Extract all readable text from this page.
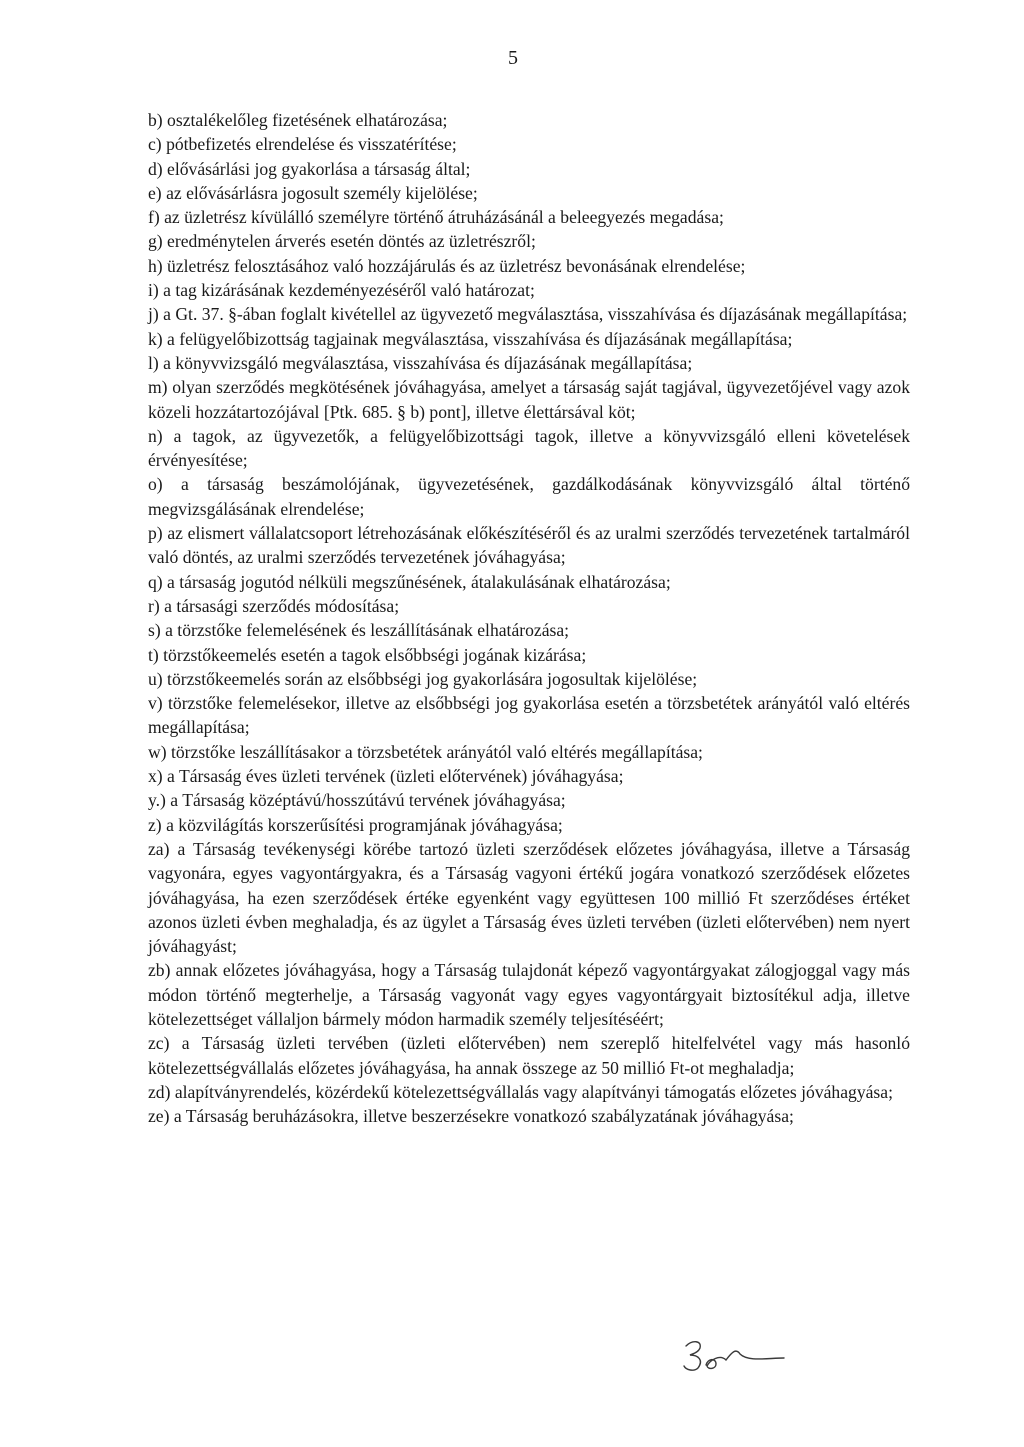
5

b) osztalékelőleg fizetésének elhatározása;

c) pótbefizetés elrendelése és visszatérítése;

d) elővásárlási jog gyakorlása a társaság által;

e) az elővásárlásra jogosult személy kijelölése;

f) az üzletrész kívülálló személyre történő átruházásánál a beleegyezés megadása;

g) eredménytelen árverés esetén döntés az üzletrészről;

h) üzletrész felosztásához való hozzájárulás és az üzletrész bevonásának elrendelése;

i) a tag kizárásának kezdeményezéséről való határozat;

j) a Gt. 37. §-ában foglalt kivétellel az ügyvezető megválasztása, visszahívása és díjazásának megállapítása;

k) a felügyelőbizottság tagjainak megválasztása, visszahívása és díjazásának megállapítása;

l) a könyvvizsgáló megválasztása, visszahívása és díjazásának megállapítása;

m) olyan szerződés megkötésének jóváhagyása, amelyet a társaság saját tagjával, ügyvezetőjével vagy azok közeli hozzátartozójával [Ptk. 685. § b) pont], illetve élettársával köt;

n) a tagok, az ügyvezetők, a felügyelőbizottsági tagok, illetve a könyvvizsgáló elleni követelések érvényesítése;

o) a társaság beszámolójának, ügyvezetésének, gazdálkodásának könyvvizsgáló által történő megvizsgálásának elrendelése;

p) az elismert vállalatcsoport létrehozásának előkészítéséről és az uralmi szerződés tervezetének tartalmáról való döntés, az uralmi szerződés tervezetének jóváhagyása;

q) a társaság jogutód nélküli megszűnésének, átalakulásának elhatározása;

r) a társasági szerződés módosítása;

s) a törzstőke felemelésének és leszállításának elhatározása;

t) törzstőkeemelés esetén a tagok elsőbbségi jogának kizárása;

u) törzstőkeemelés során az elsőbbségi jog gyakorlására jogosultak kijelölése;

v) törzstőke felemelésekor, illetve az elsőbbségi jog gyakorlása esetén a törzsbetétek arányától való eltérés megállapítása;

w) törzstőke leszállításakor a törzsbetétek arányától való eltérés megállapítása;

x) a Társaság éves üzleti tervének (üzleti előtervének) jóváhagyása;

y.) a Társaság középtávú/hosszútávú tervének jóváhagyása;

z) a közvilágítás korszerűsítési programjának jóváhagyása;

za) a Társaság tevékenységi körébe tartozó üzleti szerződések előzetes jóváhagyása, illetve a Társaság vagyonára, egyes vagyontárgyakra, és a Társaság vagyoni értékű jogára vonatkozó szerződések előzetes jóváhagyása, ha ezen szerződések értéke egyenként vagy együttesen 100 millió Ft szerződéses értéket azonos üzleti évben meghaladja, és az ügylet a Társaság éves üzleti tervében (üzleti előtervében) nem nyert jóváhagyást;

zb) annak előzetes jóváhagyása, hogy a Társaság tulajdonát képező vagyontárgyakat zálogjoggal vagy más módon történő megterhelje, a Társaság vagyonát vagy egyes vagyontárgyait biztosítékul adja, illetve kötelezettséget vállaljon bármely módon harmadik személy teljesítéséért;

zc) a Társaság üzleti tervében (üzleti előtervében) nem szereplő hitelfelvétel vagy más hasonló kötelezettségvállalás előzetes jóváhagyása, ha annak összege az 50 millió Ft-ot meghaladja;

zd) alapítványrendelés, közérdekű kötelezettségvállalás vagy alapítványi támogatás előzetes jóváhagyása;

ze) a Társaság beruházásokra, illetve beszerzésekre vonatkozó szabályzatának jóváhagyása;
